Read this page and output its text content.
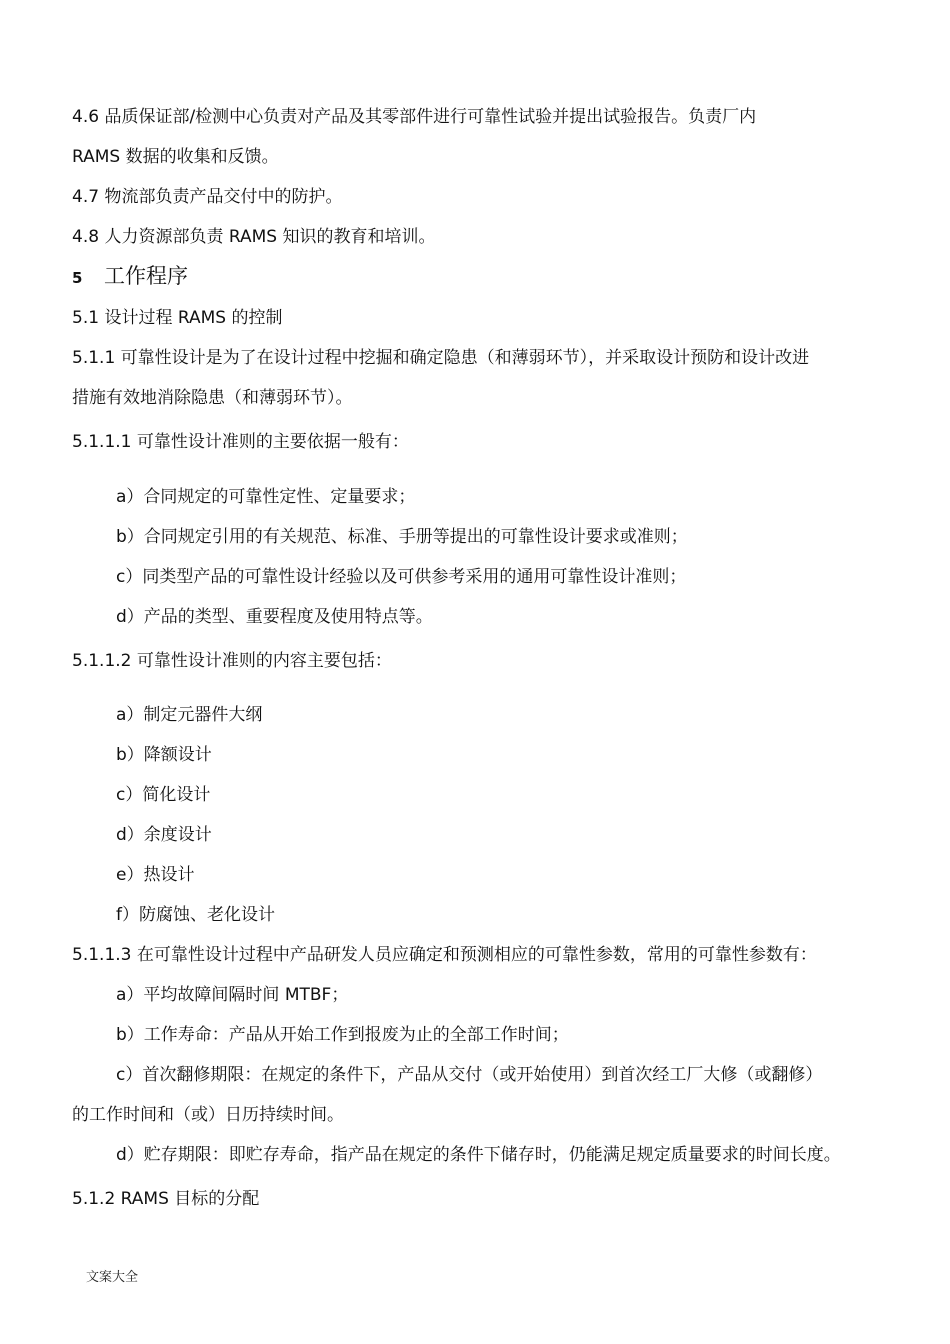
4.6 品质保证部/检测中心负责对产品及其零部件进行可靠性试验并提出试验报告。负责厂内
RAMS 数据的收集和反馈。
4.7 物流部负责产品交付中的防护。
4.8 人力资源部负责 RAMS 知识的教育和培训。
5 工作程序
5.1 设计过程 RAMS 的控制
5.1.1 可靠性设计是为了在设计过程中挖掘和确定隐患（和薄弱环节），并采取设计预防和设计改进
措施有效地消除隐患（和薄弱环节）。
5.1.1.1 可靠性设计准则的主要依据一般有：
a）合同规定的可靠性定性、定量要求；
b）合同规定引用的有关规范、标准、手册等提出的可靠性设计要求或准则；
c）同类型产品的可靠性设计经验以及可供参考采用的通用可靠性设计准则；
d）产品的类型、重要程度及使用特点等。
5.1.1.2 可靠性设计准则的内容主要包括：
a）制定元器件大纲
b）降额设计
c）简化设计
d）余度设计
e）热设计
f）防腐蚀、老化设计
5.1.1.3 在可靠性设计过程中产品研发人员应确定和预测相应的可靠性参数，常用的可靠性参数有：
a）平均故障间隔时间 MTBF；
b）工作寿命：产品从开始工作到报废为止的全部工作时间；
c）首次翻修期限：在规定的条件下，产品从交付（或开始使用）到首次经工厂大修（或翻修）
的工作时间和（或）日历持续时间。
d）贮存期限：即贮存寿命，指产品在规定的条件下储存时，仍能满足规定质量要求的时间长度。
5.1.2 RAMS 目标的分配
文案大全
